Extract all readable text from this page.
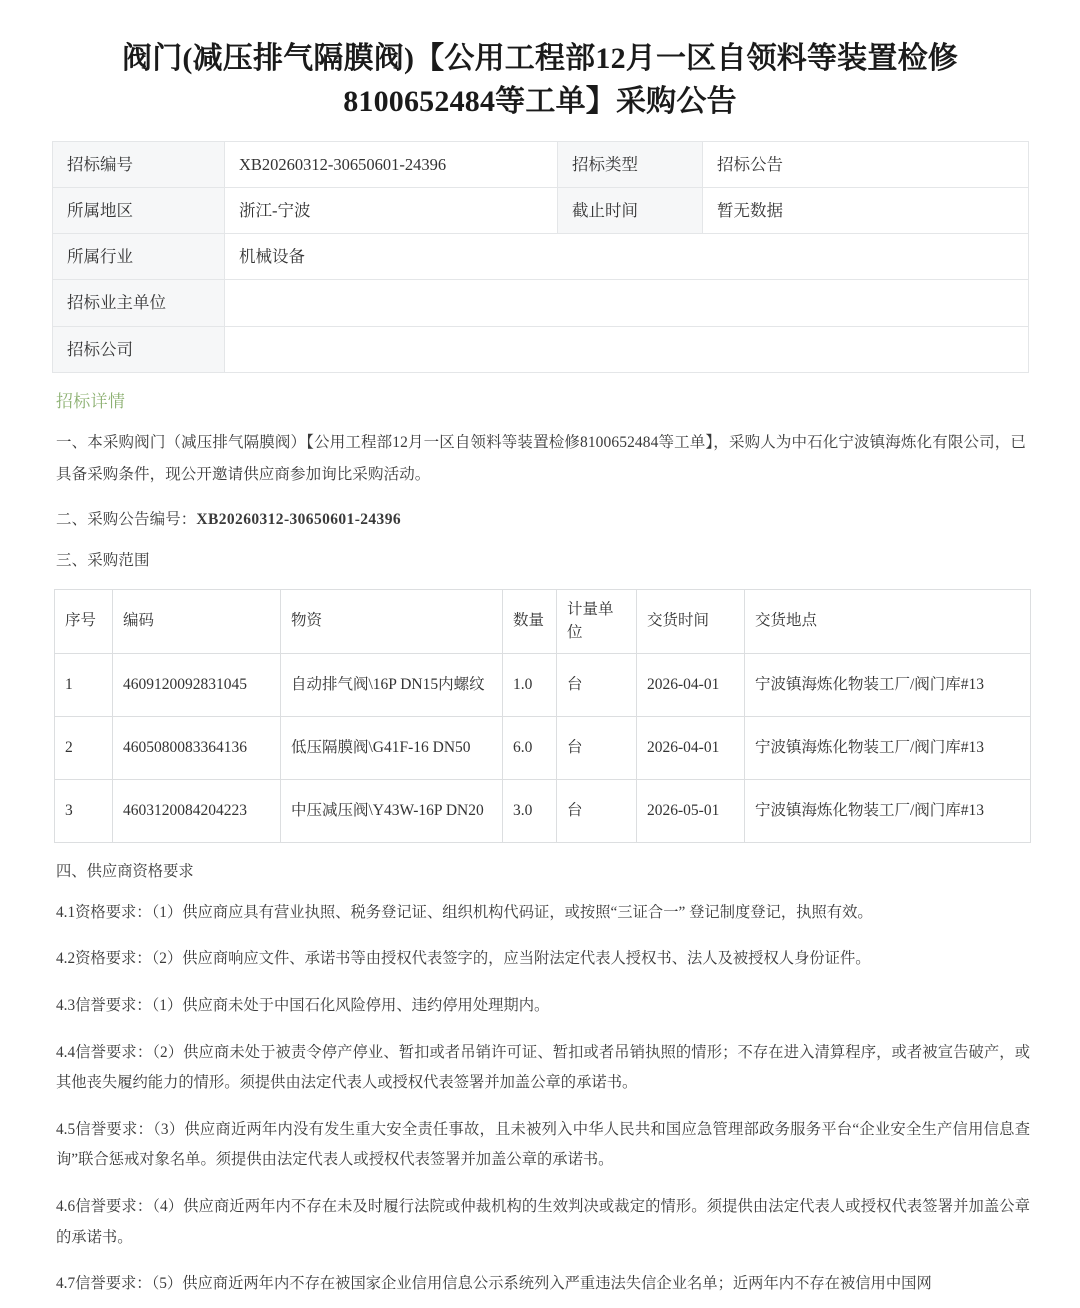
阀门(减压排气隔膜阀)【公用工程部12月一区自领料等装置检修8100652484等工单】采购公告
招标编号	XB20260312-30650601-24396	招标类型	招标公告
所属地区	浙江-宁波	截止时间	暂无数据
所属行业	机械设备		
招标业主单位			
招标公司			
招标详情

一、本采购阀门（减压排气隔膜阀）【公用工程部12月一区自领料等装置检修8100652484等工单】，采购人为中石化宁波镇海炼化有限公司，已具备采购条件，现公开邀请供应商参加询比采购活动。

二、采购公告编号：XB20260312-30650601-24396

三、采购范围

序号	编码	物资	数量	计量单位	交货时间	交货地点
1	4609120092831045	自动排气阀\16P DN15内螺纹	1.0	台	2026-04-01	宁波镇海炼化物装工厂/阀门库#13
2	4605080083364136	低压隔膜阀\G41F-16 DN50	6.0	台	2026-04-01	宁波镇海炼化物装工厂/阀门库#13
3	4603120084204223	中压减压阀\Y43W-16P DN20	3.0	台	2026-05-01	宁波镇海炼化物装工厂/阀门库#13

四、供应商资格要求

4.1资格要求：（1）供应商应具有营业执照、税务登记证、组织机构代码证，或按照“三证合一” 登记制度登记，执照有效。

4.2资格要求：（2）供应商响应文件、承诺书等由授权代表签字的，应当附法定代表人授权书、法人及被授权人身份证件。

4.3信誉要求：（1）供应商未处于中国石化风险停用、违约停用处理期内。

4.4信誉要求：（2）供应商未处于被责令停产停业、暂扣或者吊销许可证、暂扣或者吊销执照的情形；不存在进入清算程序，或者被宣告破产，或其他丧失履约能力的情形。须提供由法定代表人或授权代表签署并加盖公章的承诺书。

4.5信誉要求：（3）供应商近两年内没有发生重大安全责任事故，且未被列入中华人民共和国应急管理部政务服务平台“企业安全生产信用信息查询”联合惩戒对象名单。须提供由法定代表人或授权代表签署并加盖公章的承诺书。

4.6信誉要求：（4）供应商近两年内不存在未及时履行法院或仲裁机构的生效判决或裁定的情形。须提供由法定代表人或授权代表签署并加盖公章的承诺书。

4.7信誉要求：（5）供应商近两年内不存在被国家企业信用信息公示系统列入严重违法失信企业名单；近两年内不存在被信用中国网
